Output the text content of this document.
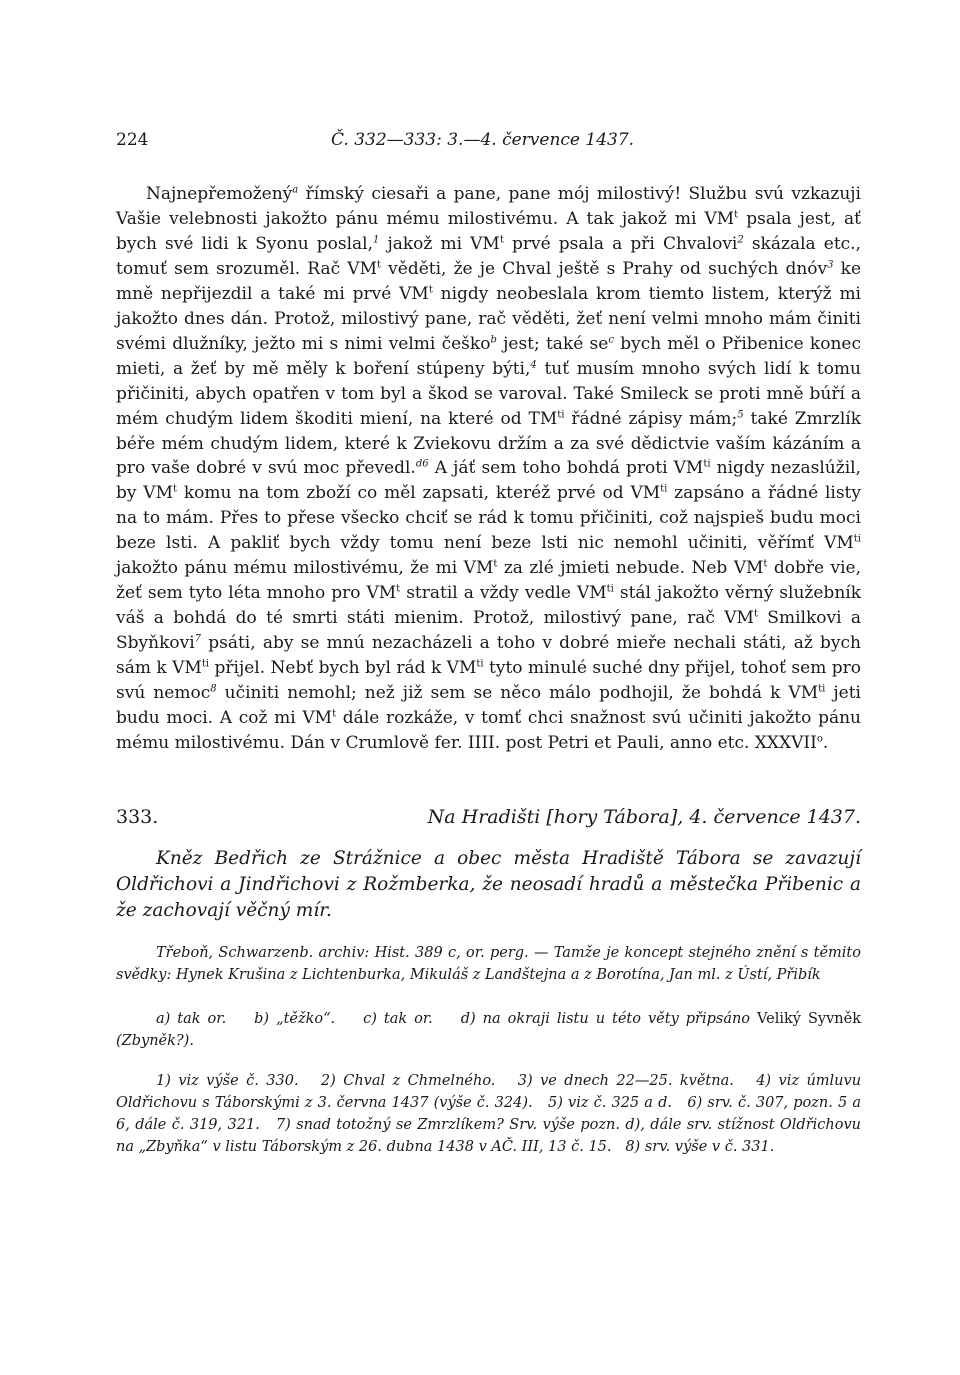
224	Č. 332—333: 3.—4. července 1437.

Najnepřemožený$^a$ římský ciesaři a pane, pane mój milostivý! Službu svú vzkazuji Vašie velebnosti jakožto pánu mému milostivému. A tak jakož mi $VM^t$ psala jest, ať bych své lidi k Syonu poslal,$^1$ jakož mi $VM^t$ prvé psala a při Chvalovi$^2$ skázala etc., tomuť sem srozuměl. Rač $VM^t$ věděti, že je Chval ještě s Prahy od suchých dnóv$^3$ ke mně nepřijezdil a také mi prvé $VM^t$ nigdy neobeslala krom tiemto listem, kterýž mi jakožto dnes dán. Protož, milostivý pane, rač věděti, žeť není velmi mnoho mám činiti svémi dlužníky, ježto mi s nimi velmi češko$^b$ jest; také se$^c$ bych měl o Přibenice konec mieti, a žeť by mě měly k boření stúpeny býti,$^4$ tuť musím mnoho svých lidí k tomu přičiniti, abych opatřen v tom byl a škod se varoval. Také Smileck se proti mně búří a mém chudým lidem škoditi mienı́, na které od $TM^{ti}$ řádné zápisy mám;$^5$ také Zmrzlík béře mém chudým lidem, které k Zviekovu držím a za své dědictvie vaším kázáním a pro vaše dobré v svú moc převedl.$^{d6}$ A jáť sem toho bohdá proti $VM^{ti}$ nigdy nezaslúžil, by $VM^t$ komu na tom zboží co měl zapsati, kteréž prvé od $VM^{ti}$ zapsáno a řádné listy na to mám. Přes to přese všecko chciť se rád k tomu přičiniti, což najspieš budu moci beze lsti. A pakliť bych vždy tomu není beze lsti nic nemohl učiniti, věřímť $VM^{ti}$ jakožto pánu mému milostivému, že mi $VM^t$ za zlé jmieti nebude. Neb $VM^t$ dobře vie, žeť sem tyto léta mnoho pro $VM^t$ stratil a vždy vedle $VM^{ti}$ stál jakožto věrný služebník váš a bohdá do té smrti státi mienim. Protož, milostivý pane, rač $VM^t$ Smilkovi a Sbyňkovi$^7$ psáti, aby se mnú nezacházeli a toho v dobré mieře nechali státi, až bych sám k $VM^{ti}$ přijel. Nebť bych byl rád k $VM^{ti}$ tyto minulé suché dny přijel, tohoť sem pro svú nemoc$^8$ učiniti nemohl; než již sem se něco málo podhojil, že bohdá k $VM^{ti}$ jeti budu moci. A což mi $VM^t$ dále rozkáže, v tomť chci snažnost svú učiniti jakožto pánu mému milostivému. Dán v Crumlově fer. IIII. post Petri et Pauli, anno etc. XXXVII$^o$.

333.	Na Hradišti [hory Tábora], 4. července 1437.

Kněz Bedřich ze Strážnice a obec města Hradiště Tábora se zavazují Oldřichovi a Jindřichovi z Rožmberka, že neosadí hradů a městečka Přibenic a že zachovají věčný mír.

Třeboň, Schwarzenb. archiv: Hist. 389 c, or. perg. — Tamže je koncept stejného znění s těmito svědky: Hynek Krušina z Lichtenburka, Mikuláš z Landštejna a z Borotína, Jan ml. z Ústí, Přibík

a) tak or. b) „těžko“. c) tak or. d) na okraji listu u této věty připsáno Veliký Syvněk (Zbyněk?).

1) viz výše č. 330. 2) Chval z Chmelného. 3) ve dnech 22—25. května. 4) viz úmluvu Oldřichovu s Táborskými z 3. června 1437 (výše č. 324). 5) viz č. 325 a d. 6) srv. č. 307, pozn. 5 a 6, dále č. 319, 321. 7) snad totožný se Zmrzlíkem? Srv. výše pozn. d), dále srv. stížnost Oldřichovu na „Zbyňka“ v listu Táborským z 26. dubna 1438 v AČ. III, 13 č. 15. 8) srv. výše v č. 331.
